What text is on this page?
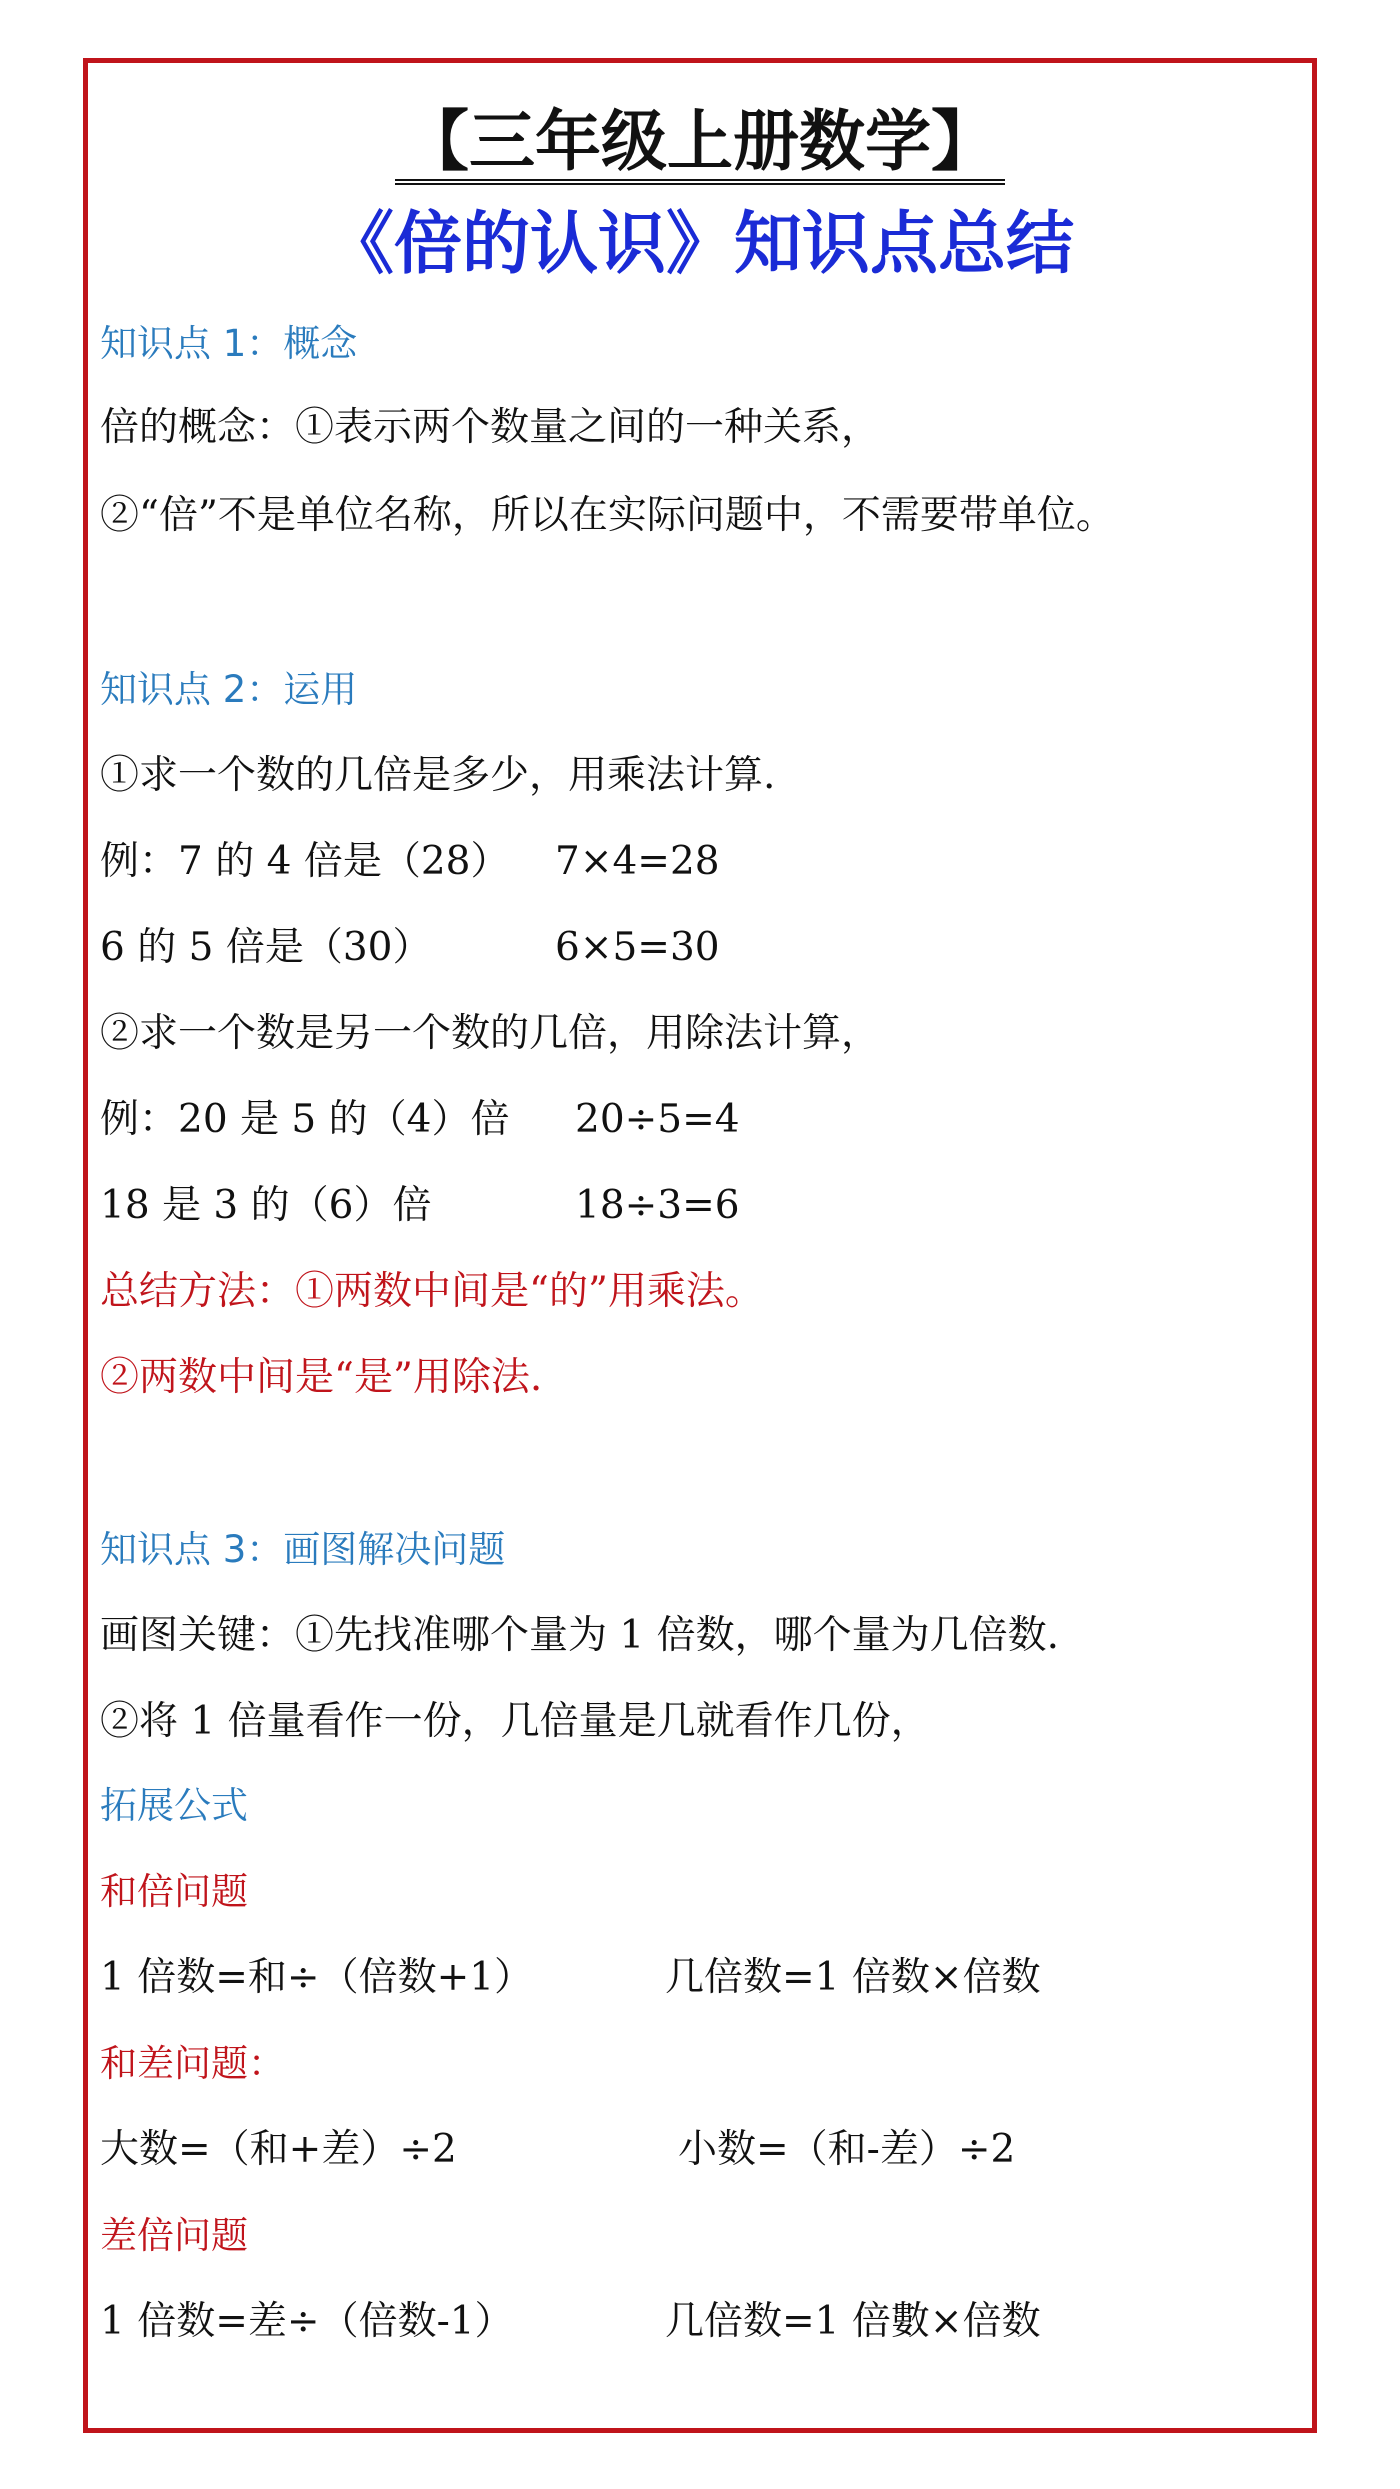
【三年级上册数学】
《倍的认识》知识点总结
知识点 1：概念
倍的概念：①表示两个数量之间的一种关系，
②“倍”不是单位名称，所以在实际问题中，不需要带单位。
知识点 2：运用
①求一个数的几倍是多少，用乘法计算.
例：7 的 4 倍是（28） 7×4=28
6 的 5 倍是（30）	6×5=30
②求一个数是另一个数的几倍，用除法计算，
例：20 是 5 的（4）倍 20÷5=4
18 是 3 的（6）倍	18÷3=6
总结方法：①两数中间是“的”用乘法。
②两数中间是“是”用除法.
知识点 3：画图解决问题
画图关键：①先找准哪个量为 1 倍数，哪个量为几倍数.
②将 1 倍量看作一份，几倍量是几就看作几份，
拓展公式
和倍问题
1 倍数=和÷（倍数+1）	几倍数=1 倍数×倍数
和差问题：
大数=（和+差）÷2	小数=（和-差）÷2
差倍问题
1 倍数=差÷（倍数-1）	几倍数=1 倍數×倍数
